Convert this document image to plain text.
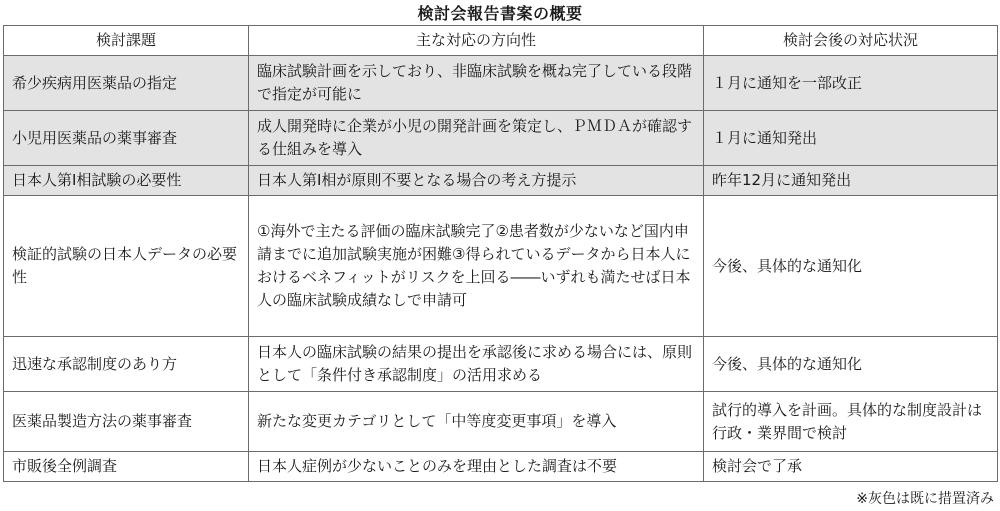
検討会報告書案の概要
検討課題	主な対応の方向性	検討会後の対応状況
希少疾病用医薬品の指定	臨床試験計画を示しており、非臨床試験を概ね完了している段階で指定が可能に	１月に通知を一部改正
小児用医薬品の薬事審査	成人開発時に企業が小児の開発計画を策定し、ＰＭＤＡが確認する仕組みを導入	１月に通知発出
日本人第Ⅰ相試験の必要性	日本人第Ⅰ相が原則不要となる場合の考え方提示	昨年12月に通知発出
検証的試験の日本人データの必要性	①海外で主たる評価の臨床試験完了②患者数が少ないなど国内申請までに追加試験実施が困難③得られているデータから日本人におけるベネフィットがリスクを上回る――いずれも満たせば日本人の臨床試験成績なしで申請可	今後、具体的な通知化
迅速な承認制度のあり方	日本人の臨床試験の結果の提出を承認後に求める場合には、原則として「条件付き承認制度」の活用求める	今後、具体的な通知化
医薬品製造方法の薬事審査	新たな変更カテゴリとして「中等度変更事項」を導入	試行的導入を計画。具体的な制度設計は行政・業界間で検討
市販後全例調査	日本人症例が少ないことのみを理由とした調査は不要	検討会で了承
※灰色は既に措置済み
